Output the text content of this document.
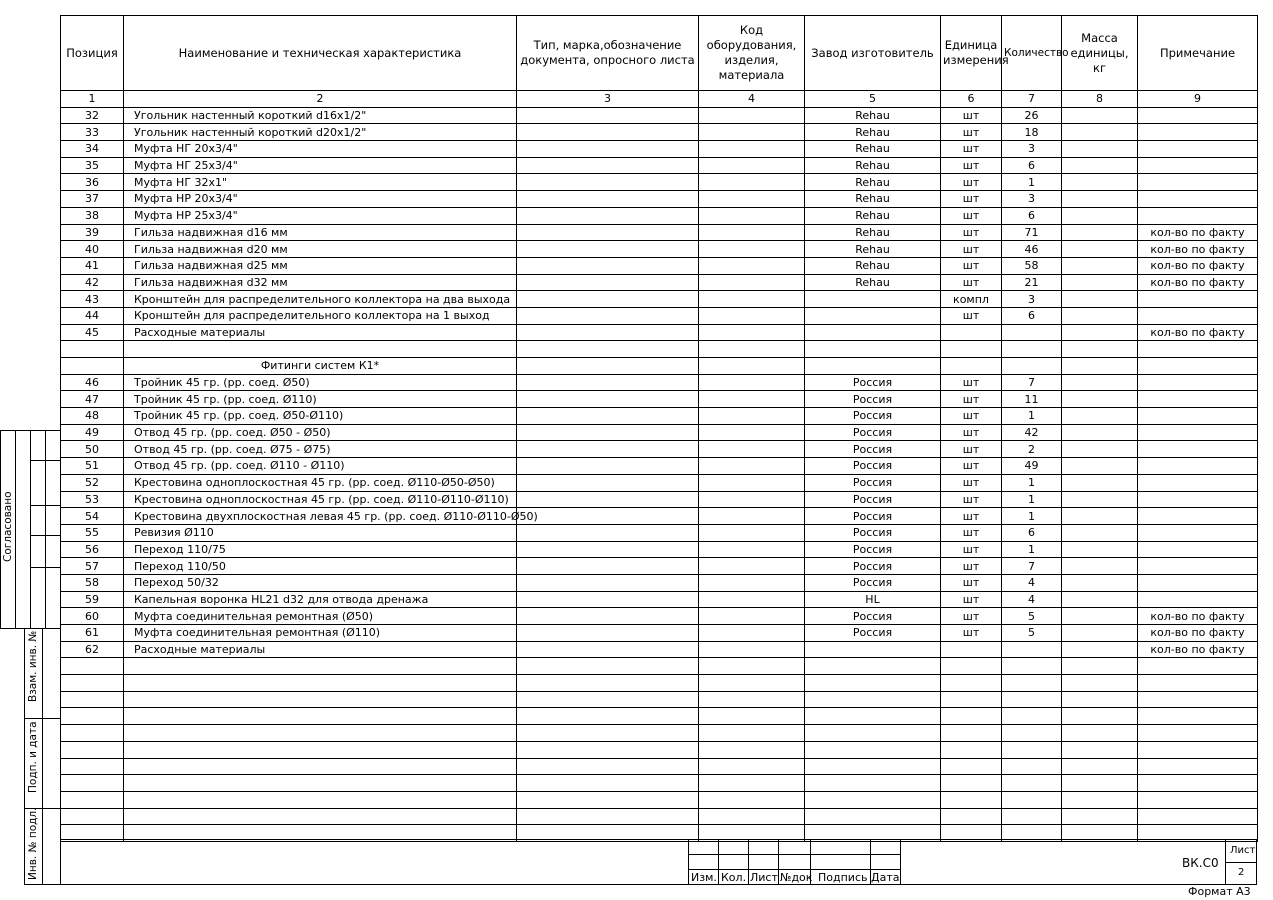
Позиция	Наименование и техническая характеристика	Тип, марка,обозначение документа, опросного листа	Код оборудования, изделия, материала	Завод изготовитель	Единица измерения	Количество	Масса единицы, кг	Примечание
1	2	3	4	5	6	7	8	9
32	Угольник настенный короткий d16х1/2"			Rehau	шт	26		
33	Угольник настенный короткий d20х1/2"			Rehau	шт	18		
34	Муфта НГ 20х3/4"			Rehau	шт	3		
35	Муфта НГ 25х3/4"			Rehau	шт	6		
36	Муфта НГ 32х1"			Rehau	шт	1		
37	Муфта НР 20х3/4"			Rehau	шт	3		
38	Муфта НР 25х3/4"			Rehau	шт	6		
39	Гильза надвижная d16 мм			Rehau	шт	71		кол-во по факту
40	Гильза надвижная d20 мм			Rehau	шт	46		кол-во по факту
41	Гильза надвижная d25 мм			Rehau	шт	58		кол-во по факту
42	Гильза надвижная d32 мм			Rehau	шт	21		кол-во по факту
43	Кронштейн для распределительного коллектора на два выхода				компл	3		
44	Кронштейн для распределительного коллектора на 1 выход				шт	6		
45	Расходные материалы							кол-во по факту

	Фитинги систем К1*							
46	Тройник 45 гр. (рр. соед. Ø50)			Россия	шт	7		
47	Тройник 45 гр. (рр. соед. Ø110)			Россия	шт	11		
48	Тройник 45 гр. (рр. соед. Ø50-Ø110)			Россия	шт	1		
49	Отвод 45 гр. (рр. соед. Ø50 - Ø50)			Россия	шт	42		
50	Отвод 45 гр. (рр. соед. Ø75 - Ø75)			Россия	шт	2		
51	Отвод 45 гр. (рр. соед. Ø110 - Ø110)			Россия	шт	49		
52	Крестовина одноплоскостная 45 гр. (рр. соед. Ø110-Ø50-Ø50)			Россия	шт	1		
53	Крестовина одноплоскостная 45 гр. (рр. соед. Ø110-Ø110-Ø110)			Россия	шт	1		
54	Крестовина двухплоскостная левая 45 гр. (рр. соед. Ø110-Ø110-Ø50)			Россия	шт	1		
55	Ревизия Ø110			Россия	шт	6		
56	Переход 110/75			Россия	шт	1		
57	Переход 110/50			Россия	шт	7		
58	Переход 50/32			Россия	шт	4		
59	Капельная воронка HL21 d32 для отвода дренажа			HL	шт	4		
60	Муфта соединительная ремонтная (Ø50)			Россия	шт	5		кол-во по факту
61	Муфта соединительная ремонтная (Ø110)			Россия	шт	5		кол-во по факту
62	Расходные материалы							кол-во по факту

Согласовано
Взам. инв. №
Подп. и дата
Инв. № подл.	Изм. Кол. Лист №док Подпись Дата
ВК.С0
Лист
2
Формат А3
